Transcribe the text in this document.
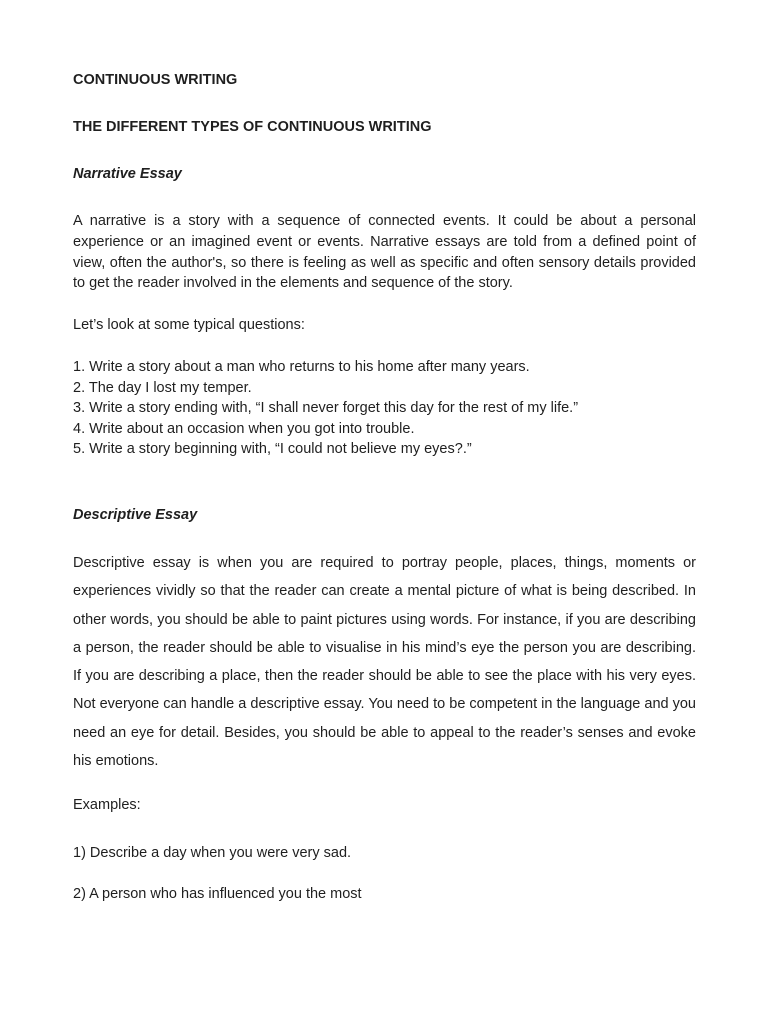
CONTINUOUS WRITING
THE DIFFERENT TYPES OF CONTINUOUS WRITING
Narrative Essay

A narrative is a story with a sequence of connected events. It could be about a personal experience or an imagined event or events. Narrative essays are told from a defined point of view, often the author's, so there is feeling as well as specific and often sensory details provided to get the reader involved in the elements and sequence of the story.

Let’s look at some typical questions:

1. Write a story about a man who returns to his home after many years.
2. The day I lost my temper.
3. Write a story ending with, “I shall never forget this day for the rest of my life.”
4. Write about an occasion when you got into trouble.
5. Write a story beginning with, “I could not believe my eyes?.”
Descriptive Essay

Descriptive essay is when you are required to portray people, places, things, moments or experiences vividly so that the reader can create a mental picture of what is being described. In other words, you should be able to paint pictures using words. For instance, if you are describing a person, the reader should be able to visualise in his mind’s eye the person you are describing. If you are describing a place, then the reader should be able to see the place with his very eyes. Not everyone can handle a descriptive essay. You need to be competent in the language and you need an eye for detail. Besides, you should be able to appeal to the reader’s senses and evoke his emotions.

Examples:

1) Describe a day when you were very sad.

2) A person who has influenced you the most
